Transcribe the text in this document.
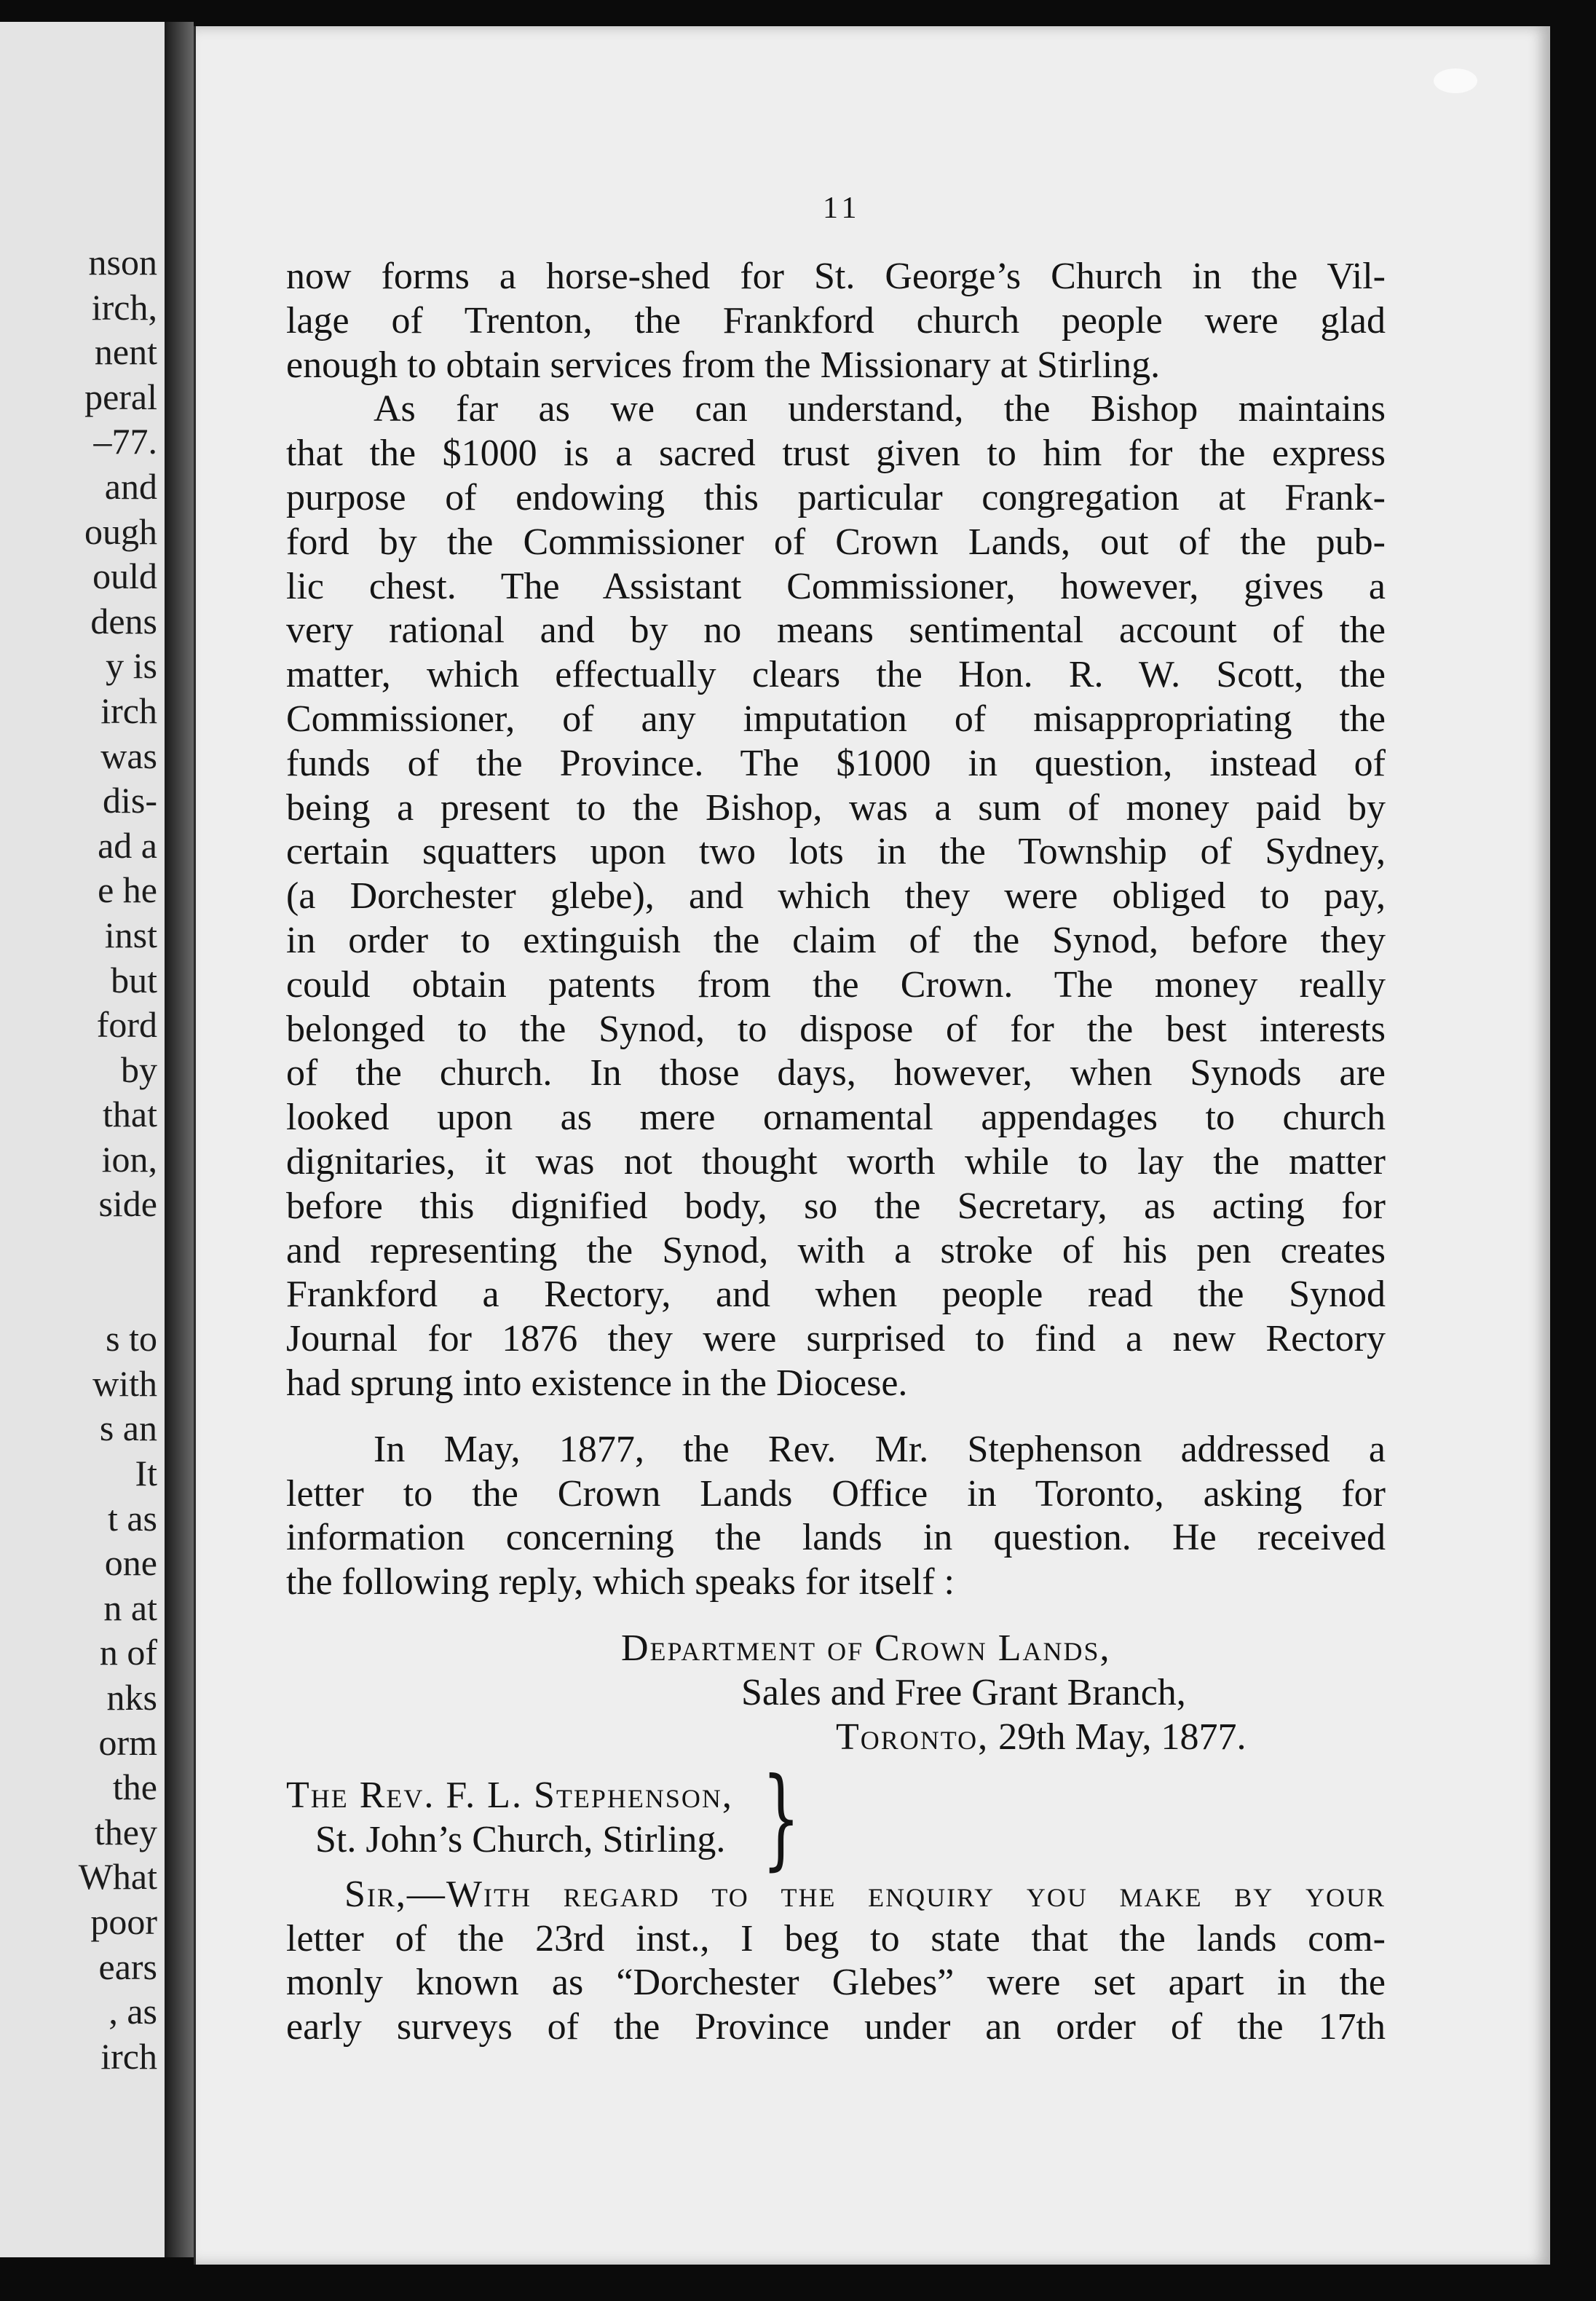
nson
irch,
nent
peral
–77.
and
ough
ould
dens
y is
irch
was
dis-
ad a
e he
inst
but
ford
by
that
ion,
side
s to
with
s an
It
t as
one
n at
n of
nks
orm
the
they
What
poor
ears
, as
irch
11
now forms a horse-shed for St. George’s Church in the Vil-
lage of Trenton, the Frankford church people were glad
enough to obtain services from the Missionary at Stirling.
As far as we can understand, the Bishop maintains
that the $1000 is a sacred trust given to him for the express
purpose of endowing this particular congregation at Frank-
ford by the Commissioner of Crown Lands, out of the pub-
lic chest. The Assistant Commissioner, however, gives a
very rational and by no means sentimental account of the
matter, which effectually clears the Hon. R. W. Scott, the
Commissioner, of any imputation of misappropriating the
funds of the Province. The $1000 in question, instead of
being a present to the Bishop, was a sum of money paid by
certain squatters upon two lots in the Township of Sydney,
(a Dorchester glebe), and which they were obliged to pay,
in order to extinguish the claim of the Synod, before they
could obtain patents from the Crown. The money really
belonged to the Synod, to dispose of for the best interests
of the church. In those days, however, when Synods are
looked upon as mere ornamental appendages to church
dignitaries, it was not thought worth while to lay the matter
before this dignified body, so the Secretary, as acting for
and representing the Synod, with a stroke of his pen creates
Frankford a Rectory, and when people read the Synod
Journal for 1876 they were surprised to find a new Rectory
had sprung into existence in the Diocese.
In May, 1877, the Rev. Mr. Stephenson addressed a
letter to the Crown Lands Office in Toronto, asking for
information concerning the lands in question. He received
the following reply, which speaks for itself :
Department of Crown Lands,
Sales and Free Grant Branch,
Toronto, 29th May, 1877.
The Rev. F. L. Stephenson,
St. John’s Church, Stirling. }
Sir,—With regard to the enquiry you make by your
letter of the 23rd inst., I beg to state that the lands com-
monly known as “Dorchester Glebes” were set apart in the
early surveys of the Province under an order of the 17th
